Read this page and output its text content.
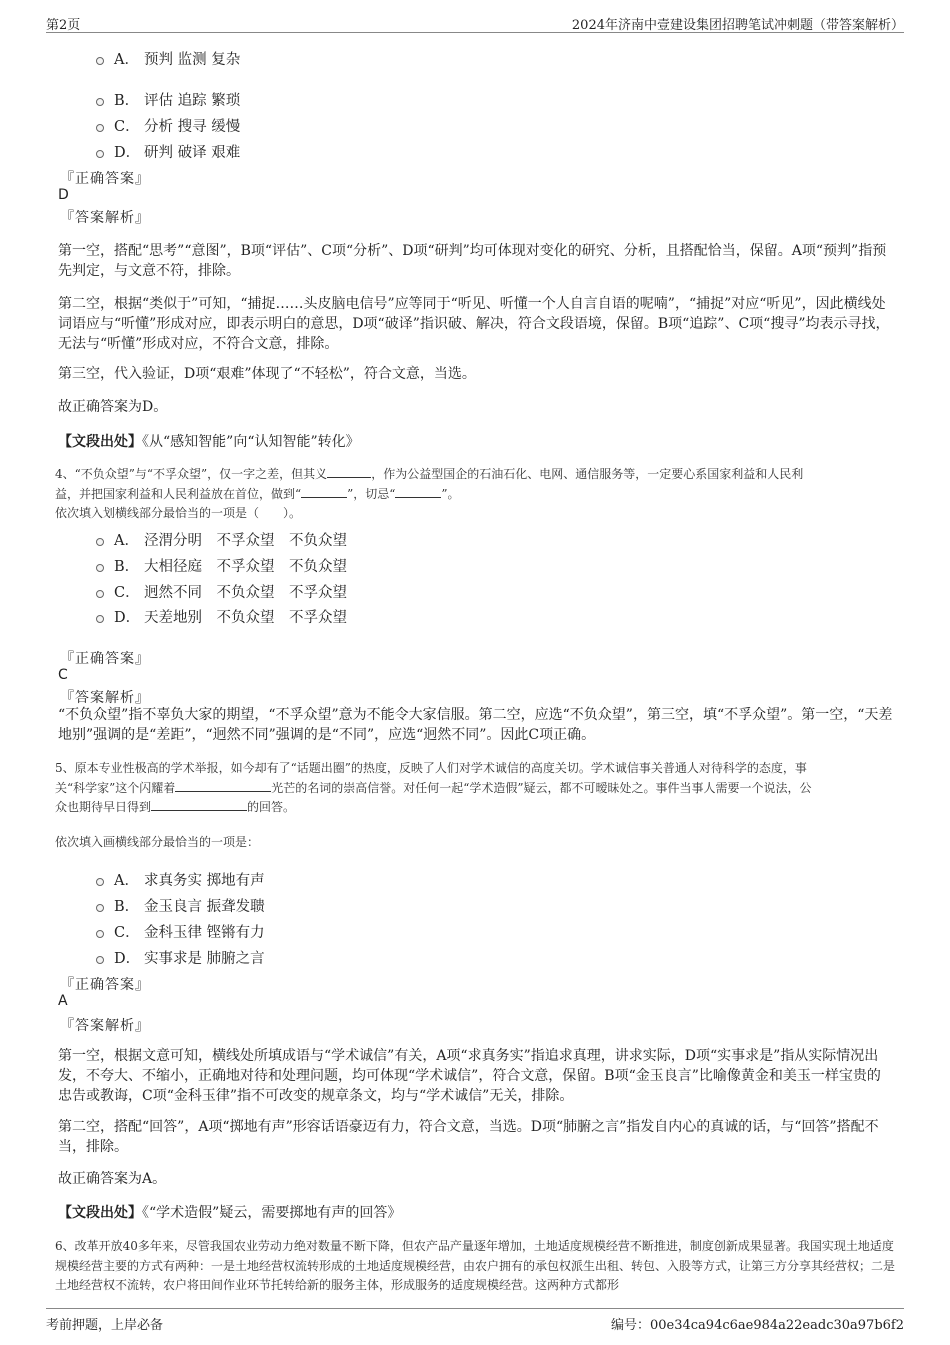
第2页	2024年济南中壹建设集团招聘笔试冲刺题（带答案解析）
A． 预判 监测 复杂
B． 评估 追踪 繁琐
C． 分析 搜寻 缓慢
D． 研判 破译 艰难
『正确答案』
D
『答案解析』
第一空，搭配“思考”“意图”，B项“评估”、C项“分析”、D项“研判”均可体现对变化的研究、分析，且搭配恰当，保留。A项“预判”指预先判定，与文意不符，排除。
第二空，根据“类似于”可知，“捕捉……头皮脑电信号”应等同于“听见、听懂一个人自言自语的呢喃”，“捕捉”对应“听见”，因此横线处词语应与“听懂”形成对应，即表示明白的意思，D项“破译”指识破、解决，符合文段语境，保留。B项“追踪”、C项“搜寻”均表示寻找，无法与“听懂”形成对应，不符合文意，排除。
第三空，代入验证，D项“艰难”体现了“不轻松”，符合文意，当选。
故正确答案为D。
【文段出处】《从“感知智能”向“认知智能”转化》
4、“不负众望”与“不孚众望”，仅一字之差，但其义	，作为公益型国企的石油石化、电网、通信服务等，一定要心系国家利益和人民利
益，并把国家利益和人民利益放在首位，做到“	”，切忌“	”。
依次填入划横线部分最恰当的一项是（　　）。
A． 泾渭分明　不孚众望　不负众望
B． 大相径庭　不孚众望　不负众望
C． 迥然不同　不负众望　不孚众望
D． 天差地别　不负众望　不孚众望
『正确答案』
C
『答案解析』
“不负众望”指不辜负大家的期望，“不孚众望”意为不能令大家信服。第二空，应选“不负众望”，第三空，填“不孚众望”。第一空，“天差地别”强调的是“差距”，“迥然不同”强调的是“不同”，应选“迥然不同”。因此C项正确。
5、原本专业性极高的学术举报，如今却有了“话题出圈”的热度，反映了人们对学术诚信的高度关切。学术诚信事关普通人对待科学的态度，事
关“科学家”这个闪耀着	光芒的名词的崇高信誉。对任何一起“学术造假”疑云，都不可暧昧处之。事件当事人需要一个说法，公
众也期待早日得到	的回答。
依次填入画横线部分最恰当的一项是：
A． 求真务实 掷地有声
B． 金玉良言 振聋发聩
C． 金科玉律 铿锵有力
D． 实事求是 肺腑之言
『正确答案』
A
『答案解析』
第一空，根据文意可知，横线处所填成语与“学术诚信”有关，A项“求真务实”指追求真理，讲求实际，D项“实事求是”指从实际情况出发，不夸大、不缩小，正确地对待和处理问题，均可体现“学术诚信”，符合文意，保留。B项“金玉良言”比喻像黄金和美玉一样宝贵的忠告或教诲，C项“金科玉律”指不可改变的规章条文，均与“学术诚信”无关，排除。
第二空，搭配“回答”，A项“掷地有声”形容话语豪迈有力，符合文意，当选。D项“肺腑之言”指发自内心的真诚的话，与“回答”搭配不当，排除。
故正确答案为A。
【文段出处】《“学术造假”疑云，需要掷地有声的回答》
6、改革开放40多年来，尽管我国农业劳动力绝对数量不断下降，但农产品产量逐年增加，土地适度规模经营不断推进，制度创新成果显著。我国实现土地适度规模经营主要的方式有两种：一是土地经营权流转形成的土地适度规模经营，由农户拥有的承包权派生出租、转包、入股等方式，让第三方分享其经营权；二是土地经营权不流转，农户将田间作业环节托转给新的服务主体，形成服务的适度规模经营。这两种方式都形
考前押题，上岸必备	编号：00e34ca94c6ae984a22eadc30a97b6f2
